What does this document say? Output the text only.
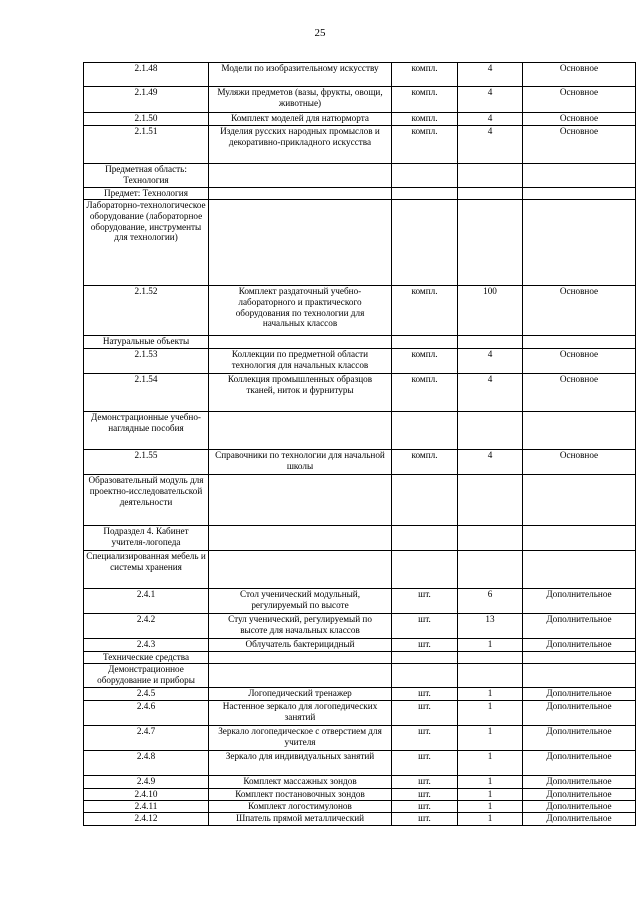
25
2.1.48	Модели по изобразительному искусству	компл.	4	Основное
2.1.49	Муляжи предметов (вазы, фрукты, овощи, животные)	компл.	4	Основное
2.1.50	Комплект моделей для натюрморта	компл.	4	Основное
2.1.51	Изделия русских народных промыслов и декоративно-прикладного искусства	компл.	4	Основное
Предметная область: Технология				
Предмет: Технология				
Лабораторно-технологическое оборудование (лабораторное оборудование, инструменты для технологии)				
2.1.52	Комплект раздаточный учебно-лабораторного и практического оборудования по технологии для начальных классов	компл.	100	Основное
Натуральные объекты				
2.1.53	Коллекции по предметной области технология для начальных классов	компл.	4	Основное
2.1.54	Коллекция промышленных образцов тканей, ниток и фурнитуры	компл.	4	Основное
Демонстрационные учебно-наглядные пособия				
2.1.55	Справочники по технологии для начальной школы	компл.	4	Основное
Образовательный модуль для проектно-исследовательской деятельности				
Подраздел 4. Кабинет учителя-логопеда				
Специализированная мебель и системы хранения				
2.4.1	Стол ученический модульный, регулируемый по высоте	шт.	6	Дополнительное
2.4.2	Стул ученический, регулируемый по высоте для начальных классов	шт.	13	Дополнительное
2.4.3	Облучатель бактерицидный	шт.	1	Дополнительное
Технические средства				
Демонстрационное оборудование и приборы				
2.4.5	Логопедический тренажер	шт.	1	Дополнительное
2.4.6	Настенное зеркало для логопедических занятий	шт.	1	Дополнительное
2.4.7	Зеркало логопедическое с отверстием для учителя	шт.	1	Дополнительное
2.4.8	Зеркало для индивидуальных занятий	шт.	1	Дополнительное
2.4.9	Комплект массажных зондов	шт.	1	Дополнительное
2.4.10	Комплект постановочных зондов	шт.	1	Дополнительное
2.4.11	Комплект логостимулонов	шт.	1	Дополнительное
2.4.12	Шпатель прямой металлический	шт.	1	Дополнительное
